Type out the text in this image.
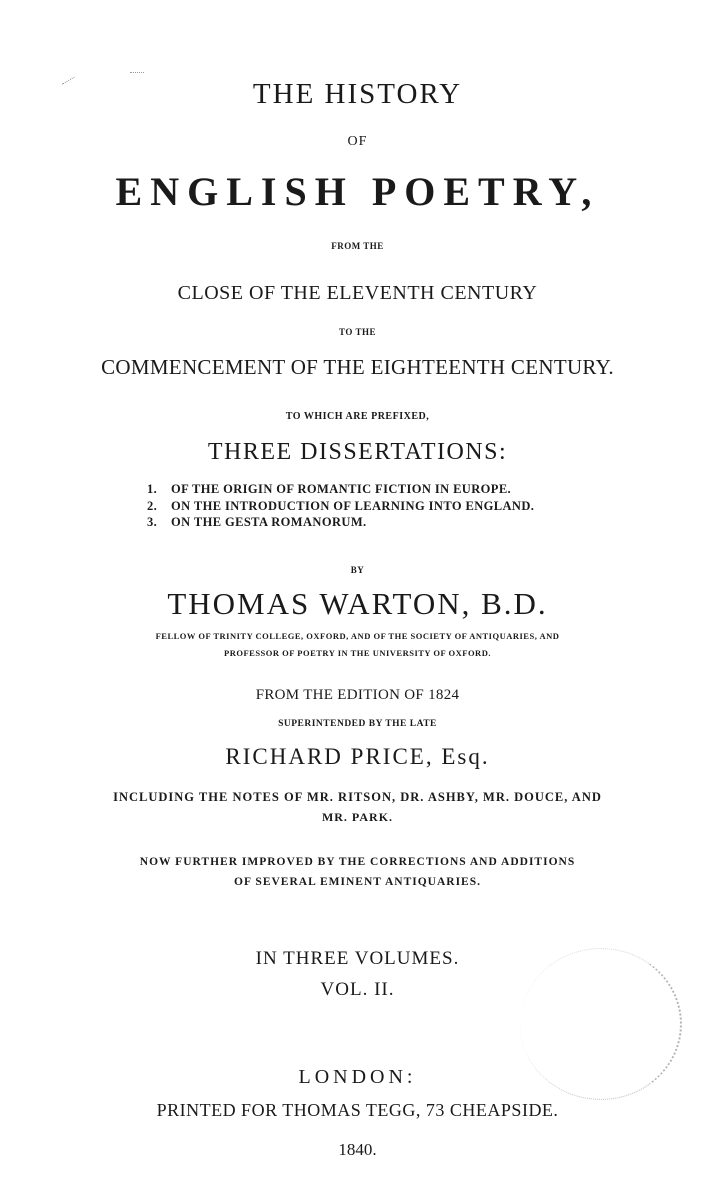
THE HISTORY
OF
ENGLISH POETRY,
FROM THE
CLOSE OF THE ELEVENTH CENTURY
TO THE
COMMENCEMENT OF THE EIGHTEENTH CENTURY.
TO WHICH ARE PREFIXED,
THREE DISSERTATIONS:
1. OF THE ORIGIN OF ROMANTIC FICTION IN EUROPE.
2. ON THE INTRODUCTION OF LEARNING INTO ENGLAND.
3. ON THE GESTA ROMANORUM.
BY
THOMAS WARTON, B.D.
FELLOW OF TRINITY COLLEGE, OXFORD, AND OF THE SOCIETY OF ANTIQUARIES, AND
PROFESSOR OF POETRY IN THE UNIVERSITY OF OXFORD.
FROM THE EDITION OF 1824
SUPERINTENDED BY THE LATE
RICHARD PRICE, Esq.
INCLUDING THE NOTES OF MR. RITSON, DR. ASHBY, MR. DOUCE, AND
MR. PARK.
NOW FURTHER IMPROVED BY THE CORRECTIONS AND ADDITIONS
OF SEVERAL EMINENT ANTIQUARIES.
IN THREE VOLUMES.
VOL. II.
LONDON:
PRINTED FOR THOMAS TEGG, 73 CHEAPSIDE.
1840.
